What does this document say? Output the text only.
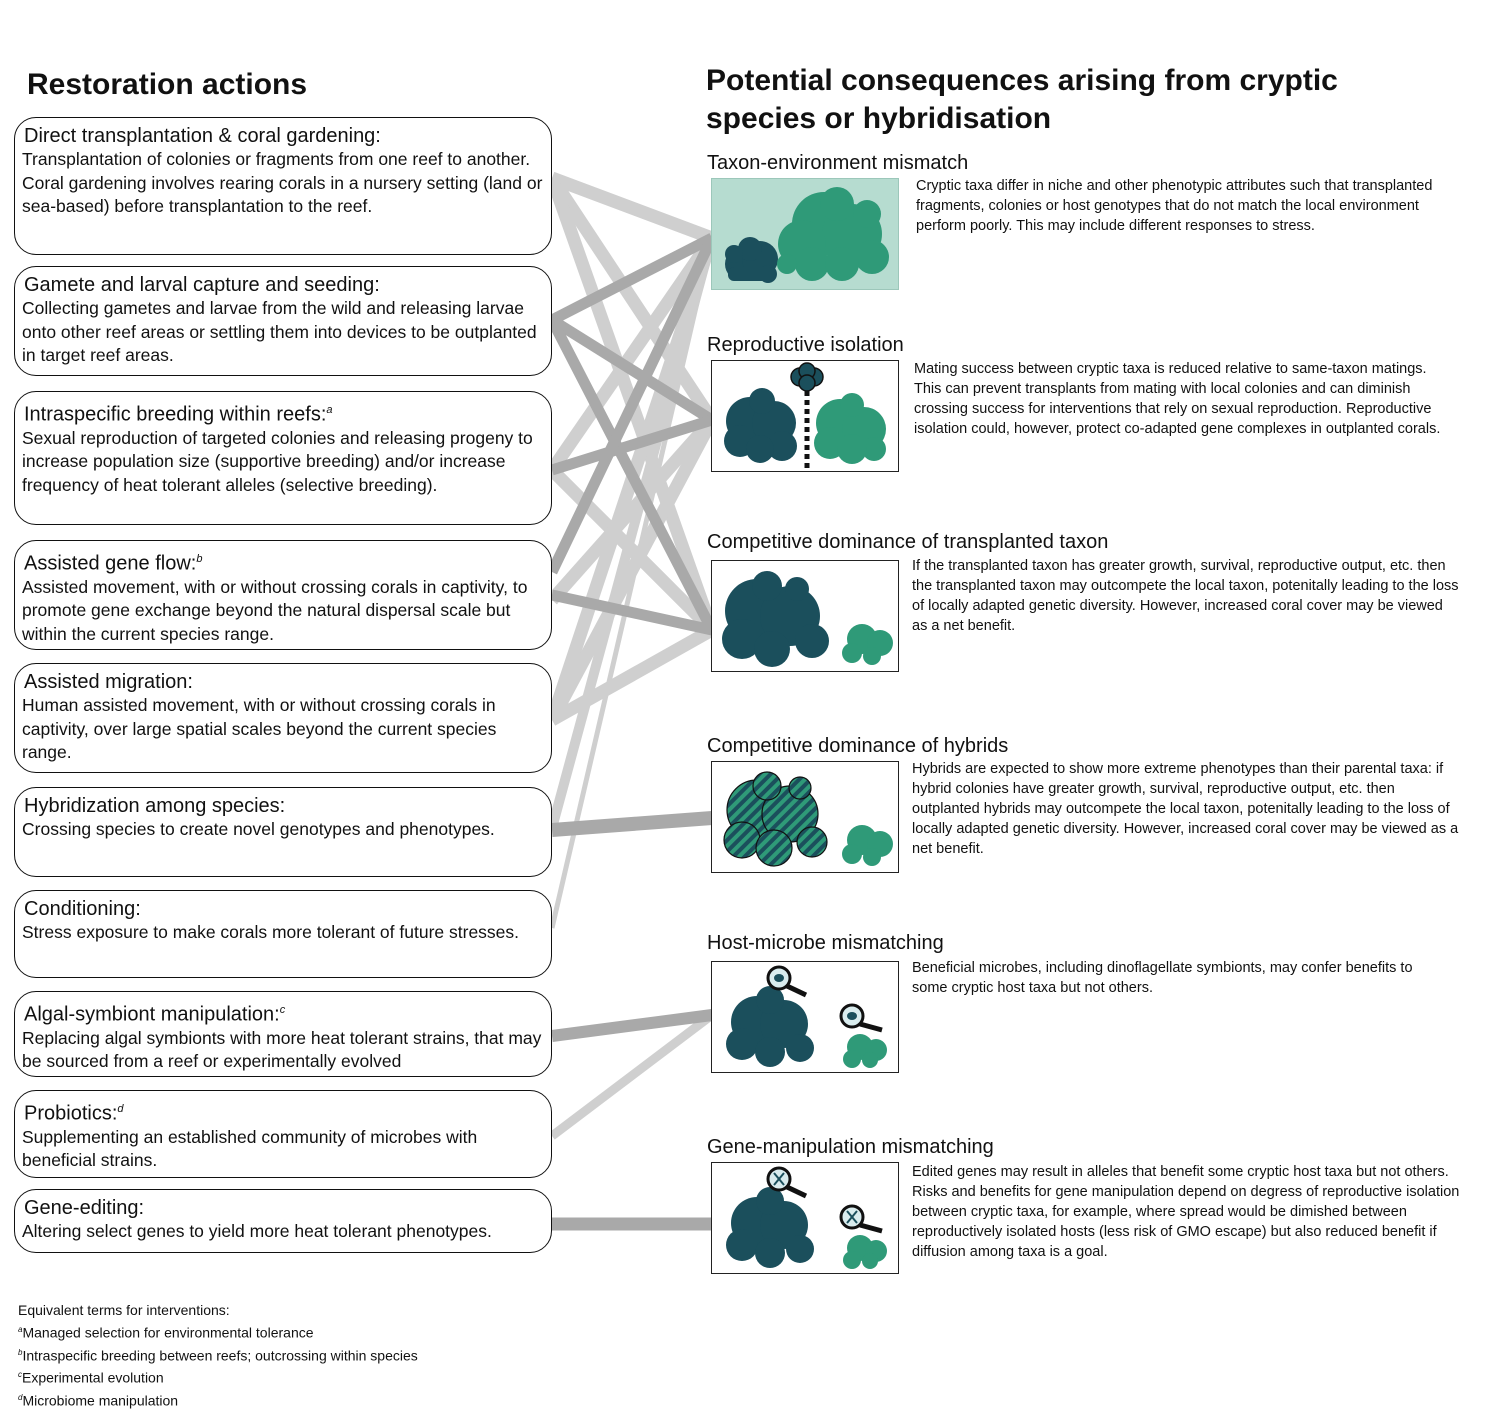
Restoration actions	Potential consequences arising from cryptic
species or hybridisation
Direct transplantation & coral gardening:
Transplantation of colonies or fragments from one reef to another. Coral gardening involves rearing corals in a nursery setting (land or sea-based) before transplantation to the reef.
Gamete and larval capture and seeding:
Collecting gametes and larvae from the wild and releasing larvae onto other reef areas or settling them into devices to be outplanted in target reef areas.
Intraspecific breeding within reefs:$^a$
Sexual reproduction of targeted colonies and releasing progeny to increase population size (supportive breeding) and/or increase frequency of heat tolerant alleles (selective breeding).
Assisted gene flow:$^b$
Assisted movement, with or without crossing corals in captivity, to promote gene exchange beyond the natural dispersal scale but within the current species range.
Assisted migration:
Human assisted movement, with or without crossing corals in captivity, over large spatial scales beyond the current species range.
Hybridization among species:
Crossing species to create novel genotypes and phenotypes.
Conditioning:
Stress exposure to make corals more tolerant of future stresses.
Algal-symbiont manipulation:$^c$
Replacing algal symbionts with more heat tolerant strains, that may be sourced from a reef or experimentally evolved
Probiotics:$^d$
Supplementing an established community of microbes with beneficial strains.
Gene-editing:
Altering select genes to yield more heat tolerant phenotypes.
Taxon-environment mismatch
Cryptic taxa differ in niche and other phenotypic attributes such that transplanted fragments, colonies or host genotypes that do not match the local environment perform poorly. This may include different responses to stress.
Reproductive isolation
Mating success between cryptic taxa is reduced relative to same-taxon matings. This can prevent transplants from mating with local colonies and can diminish crossing success for interventions that rely on sexual reproduction. Reproductive isolation could, however, protect co-adapted gene complexes in outplanted corals.
Competitive dominance of transplanted taxon
If the transplanted taxon has greater growth, survival, reproductive output, etc. then the transplanted taxon may outcompete the local taxon, potenitally leading to the loss of locally adapted genetic diversity. However, increased coral cover may be viewed as a net benefit.
Competitive dominance of hybrids
Hybrids are expected to show more extreme phenotypes than their parental taxa: if hybrid colonies have greater growth, survival, reproductive output, etc. then outplanted hybrids may outcompete the local taxon, potenitally leading to the loss of locally adapted genetic diversity. However, increased coral cover may be viewed as a net benefit.
Host-microbe mismatching
Beneficial microbes, including dinoflagellate symbionts, may confer benefits to some cryptic host taxa but not others.
Gene-manipulation mismatching
Edited genes may result in alleles that benefit some cryptic host taxa but not others. Risks and benefits for gene manipulation depend on degress of reproductive isolation between cryptic taxa, for example, where spread would be dimished between reproductively isolated hosts (less risk of GMO escape) but also reduced benefit if diffusion among taxa is a goal.
Equivalent terms for interventions:
$^a$Managed selection for environmental tolerance
$^b$Intraspecific breeding between reefs; outcrossing within species
$^c$Experimental evolution
$^d$Microbiome manipulation
